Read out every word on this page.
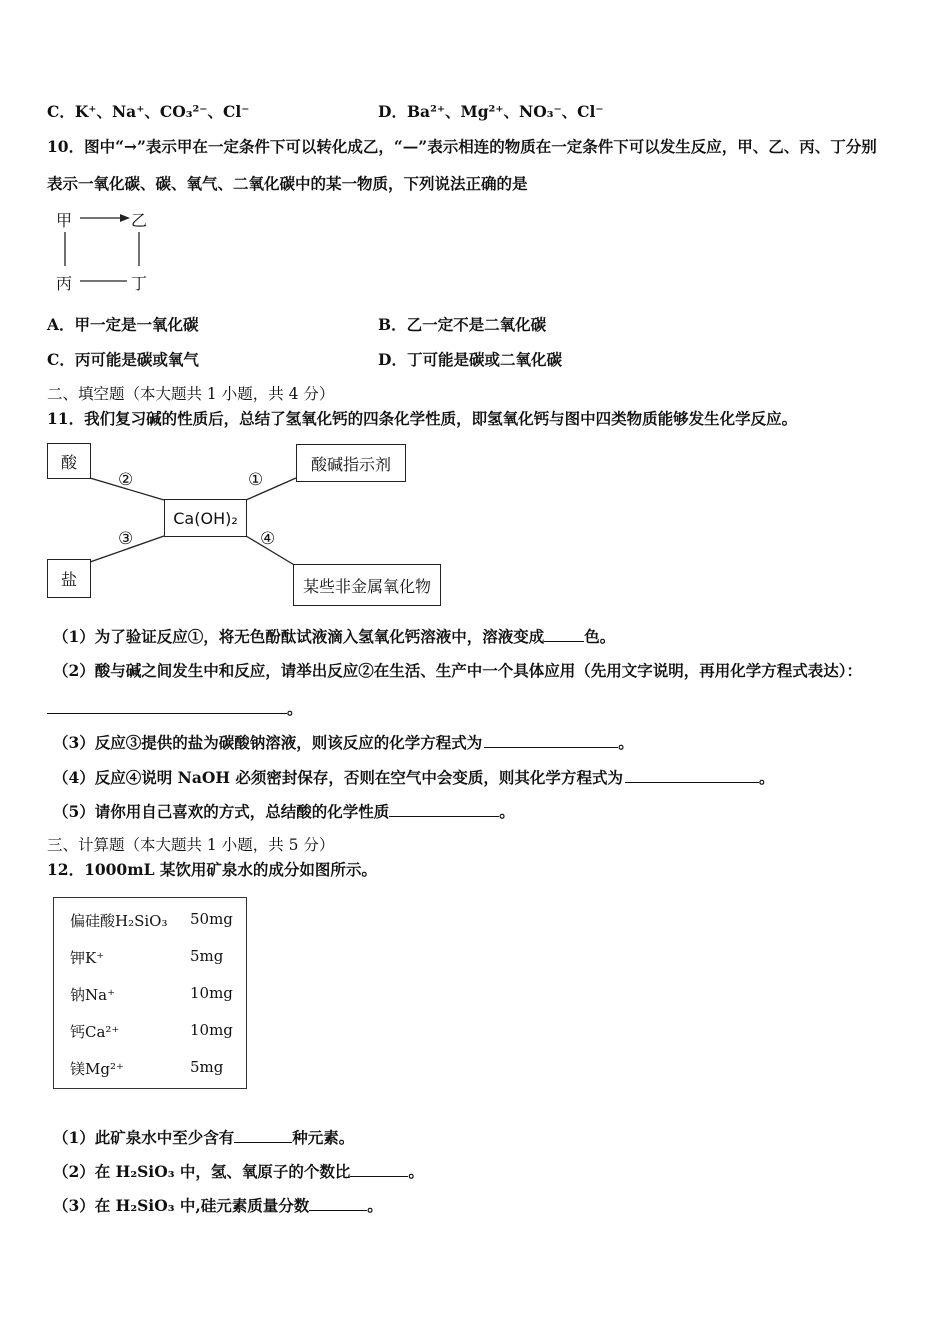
C．K⁺、Na⁺、CO₃²⁻、Cl⁻	D．Ba²⁺、Mg²⁺、NO₃⁻、Cl⁻
10．图中“→”表示甲在一定条件下可以转化成乙，“—”表示相连的物质在一定条件下可以发生反应，甲、乙、丙、丁分别
表示一氧化碳、碳、氧气、二氧化碳中的某一物质，下列说法正确的是
甲	乙
丙	丁
A．甲一定是一氧化碳	B．乙一定不是二氧化碳
C．丙可能是碳或氧气	D．丁可能是碳或二氧化碳
二、填空题（本大题共 1 小题，共 4 分）
11．我们复习碱的性质后，总结了氢氧化钙的四条化学性质，即氢氧化钙与图中四类物质能够发生化学反应。
酸	酸碱指示剂
Ca(OH)₂
盐	某些非金属氧化物
②	①
③	④
（1）为了验证反应①，将无色酚酞试液滴入氢氧化钙溶液中，溶液变成	色。
（2）酸与碱之间发生中和反应，请举出反应②在生活、生产中一个具体应用（先用文字说明，再用化学方程式表达）：
。
（3）反应③提供的盐为碳酸钠溶液，则该反应的化学方程式为	。
（4）反应④说明 NaOH 必须密封保存，否则在空气中会变质，则其化学方程式为	。
（5）请你用自己喜欢的方式，总结酸的化学性质	。
三、计算题（本大题共 1 小题，共 5 分）
12．1000mL 某饮用矿泉水的成分如图所示。
偏硅酸H₂SiO₃ 50mg
钾K⁺	5mg
钠Na⁺	10mg
钙Ca²⁺	10mg
镁Mg²⁺	5mg
（1）此矿泉水中至少含有	种元素。
（2）在 H₂SiO₃ 中，氢、氧原子的个数比	。
（3）在 H₂SiO₃ 中,硅元素质量分数	。
